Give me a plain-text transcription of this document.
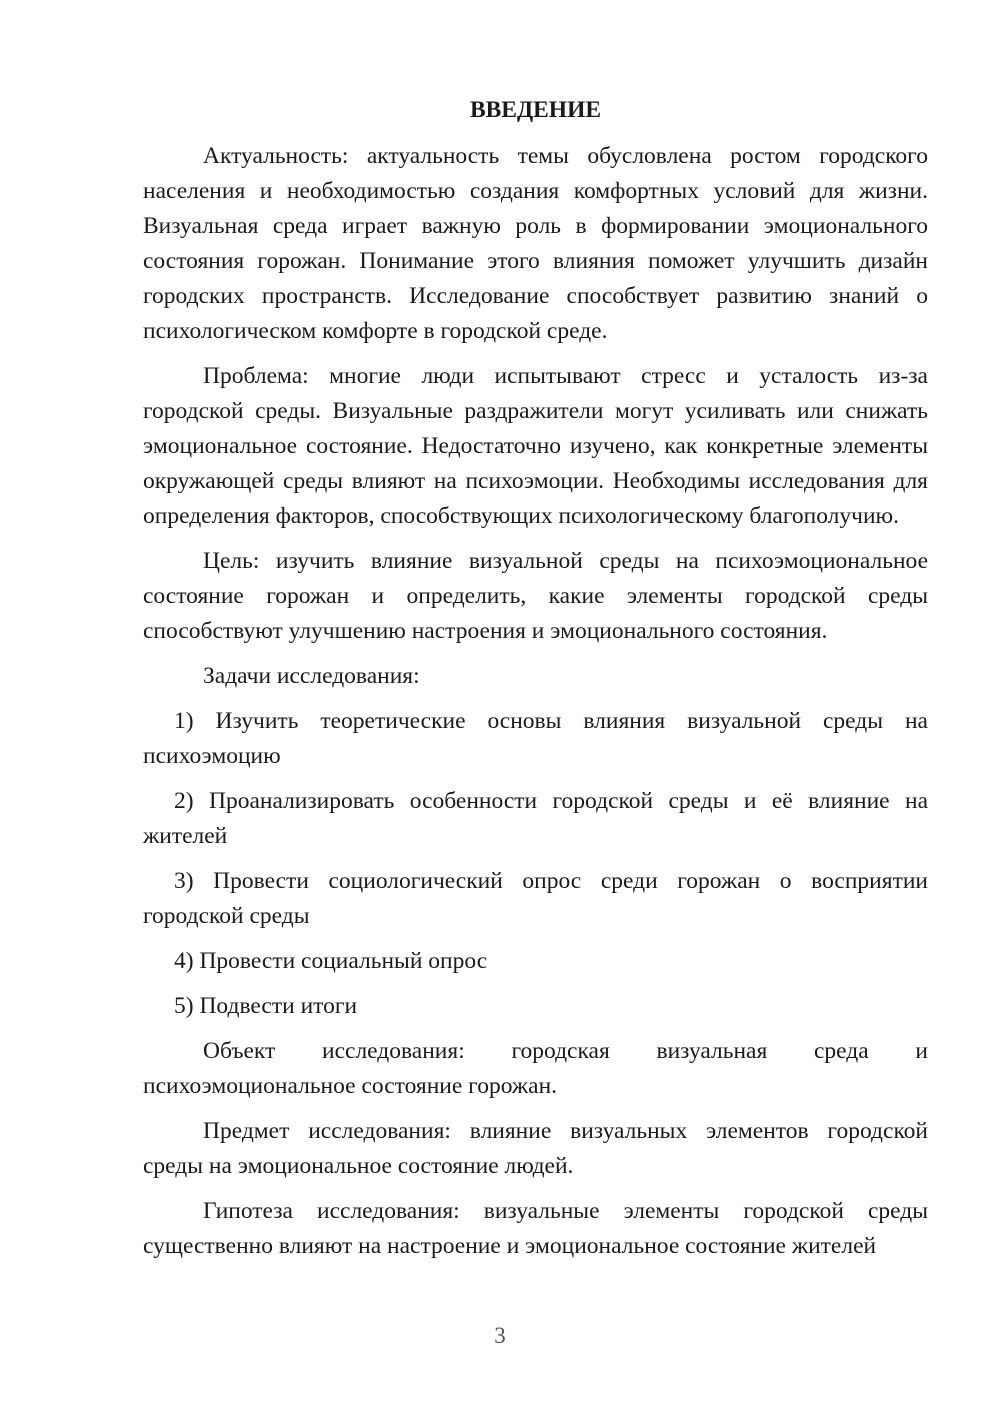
ВВЕДЕНИЕ

Актуальность: актуальность темы обусловлена ростом городского населения и необходимостью создания комфортных условий для жизни. Визуальная среда играет важную роль в формировании эмоционального состояния горожан. Понимание этого влияния поможет улучшить дизайн городских пространств. Исследование способствует развитию знаний о психологическом комфорте в городской среде.

Проблема: многие люди испытывают стресс и усталость из-за городской среды. Визуальные раздражители могут усиливать или снижать эмоциональное состояние. Недостаточно изучено, как конкретные элементы окружающей среды влияют на психоэмоции. Необходимы исследования для определения факторов, способствующих психологическому благополучию.

Цель: изучить влияние визуальной среды на психоэмоциональное состояние горожан и определить, какие элементы городской среды способствуют улучшению настроения и эмоционального состояния.

Задачи исследования:

1) Изучить теоретические основы влияния визуальной среды на психоэмоцию

2) Проанализировать особенности городской среды и её влияние на жителей

3) Провести социологический опрос среди горожан о восприятии городской среды

4) Провести социальный опрос

5) Подвести итоги

Объект исследования: городская визуальная среда и психоэмоциональное состояние горожан.

Предмет исследования: влияние визуальных элементов городской среды на эмоциональное состояние людей.

Гипотеза исследования: визуальные элементы городской среды существенно влияют на настроение и эмоциональное состояние жителей

3
